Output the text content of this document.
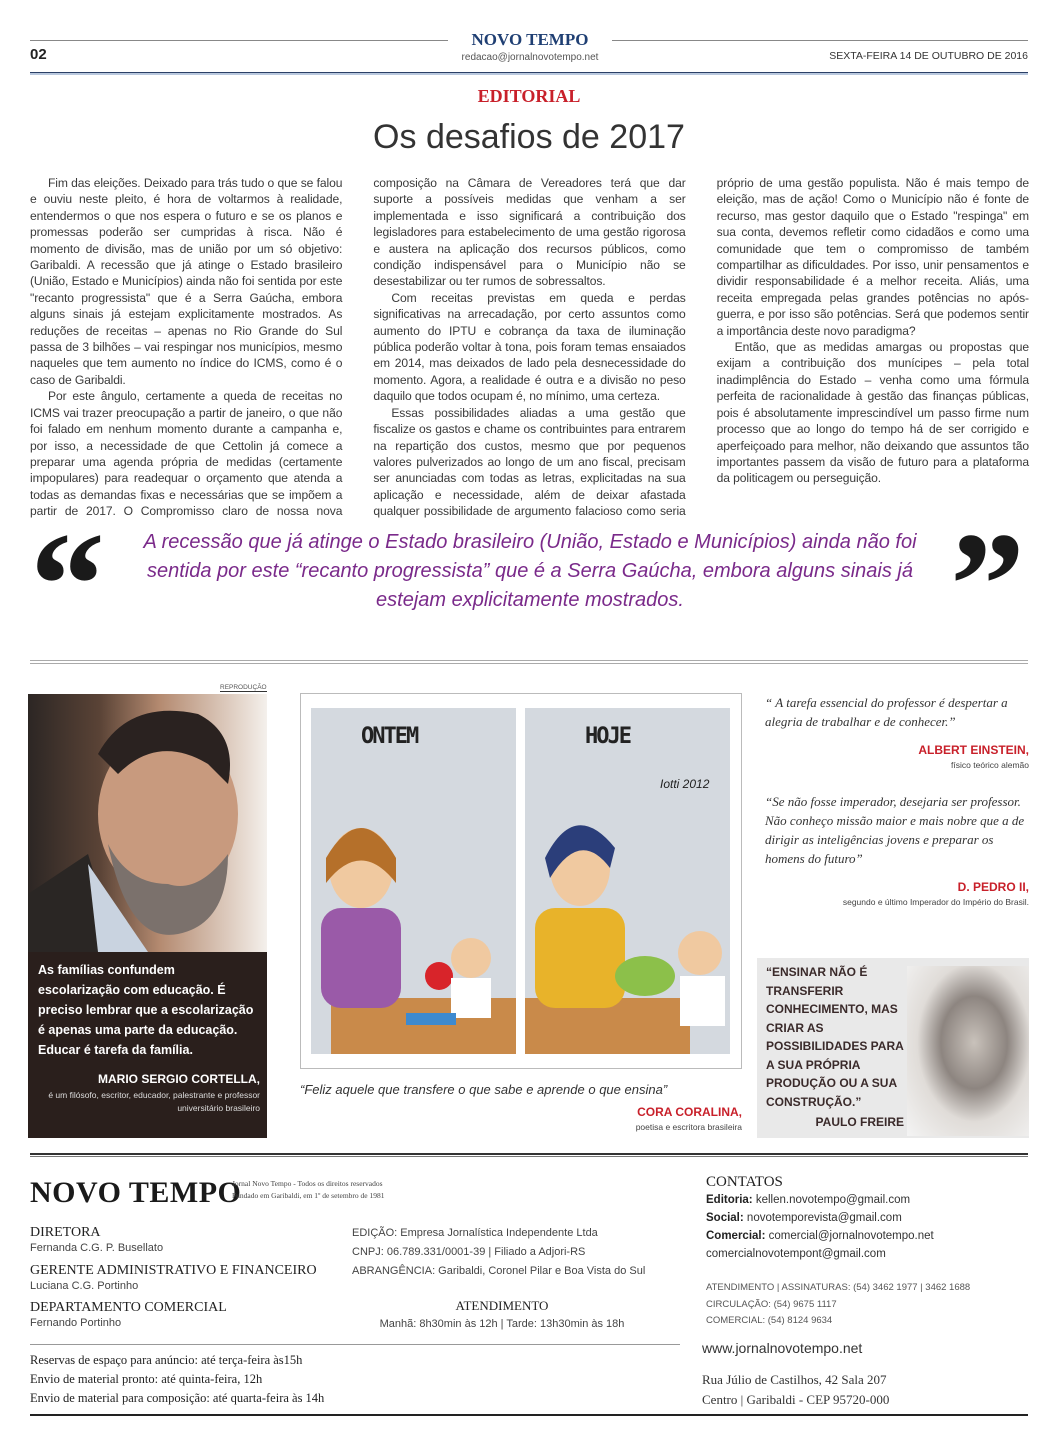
NOVO TEMPO
02	redacao@jornalnovotempo.net	SEXTA-FEIRA 14 DE OUTUBRO DE 2016
EDITORIAL
Os desafios de 2017

Fim das eleições. Deixado para trás tudo o que se falou e ouviu neste pleito, é hora de voltarmos à realidade, entendermos o que nos espera o futuro e se os planos e promessas poderão ser cumpridas à risca. Não é momento de divisão, mas de união por um só objetivo: Garibaldi. A recessão que já atinge o Estado brasileiro (União, Estado e Municípios) ainda não foi sentida por este "recanto progressista" que é a Serra Gaúcha, embora alguns sinais já estejam explicitamente mostrados. As reduções de receitas – apenas no Rio Grande do Sul passa de 3 bilhões – vai respingar nos municípios, mesmo naqueles que tem aumento no índice do ICMS, como é o caso de Garibaldi.

Por este ângulo, certamente a queda de receitas no ICMS vai trazer preocupação a partir de janeiro, o que não foi falado em nenhum momento durante a campanha e, por isso, a necessidade de que Cettolin já comece a preparar uma agenda própria de medidas (certamente impopulares) para readequar o orçamento que atenda a todas as demandas fixas e necessárias que se impõem a partir de 2017. O Compromisso claro de nossa nova composição na Câmara de Vereadores terá que dar suporte a possíveis medidas que venham a ser implementada e isso significará a contribuição dos legisladores para estabelecimento de uma gestão rigorosa e austera na aplicação dos recursos públicos, como condição indispensável para o Município não se desestabilizar ou ter rumos de sobressaltos.

Com receitas previstas em queda e perdas significativas na arrecadação, por certo assuntos como aumento do IPTU e cobrança da taxa de iluminação pública poderão voltar à tona, pois foram temas ensaiados em 2014, mas deixados de lado pela desnecessidade do momento. Agora, a realidade é outra e a divisão no peso daquilo que todos ocupam é, no mínimo, uma certeza.

Essas possibilidades aliadas a uma gestão que fiscalize os gastos e chame os contribuintes para entrarem na repartição dos custos, mesmo que por pequenos valores pulverizados ao longo de um ano fiscal, precisam ser anunciadas com todas as letras, explicitadas na sua aplicação e necessidade, além de deixar afastada qualquer possibilidade de argumento falacioso como seria próprio de uma gestão populista. Não é mais tempo de eleição, mas de ação! Como o Município não é fonte de recurso, mas gestor daquilo que o Estado "respinga" em sua conta, devemos refletir como cidadãos e como uma comunidade que tem o compromisso de também compartilhar as dificuldades. Por isso, unir pensamentos e dividir responsabilidade é a melhor receita. Aliás, uma receita empregada pelas grandes potências no após-guerra, e por isso são potências. Será que podemos sentir a importância deste novo paradigma?

Então, que as medidas amargas ou propostas que exijam a contribuição dos munícipes – pela total inadimplência do Estado – venha como uma fórmula perfeita de racionalidade à gestão das finanças públicas, pois é absolutamente imprescindível um passo firme num processo que ao longo do tempo há de ser corrigido e aperfeiçoado para melhor, não deixando que assuntos tão importantes passem da visão de futuro para a plataforma da politicagem ou perseguição.

“ A recessão que já atinge o Estado brasileiro (União, Estado e Municípios) ainda não foi sentida por este “recanto progressista” que é a Serra Gaúcha, embora alguns sinais já estejam explicitamente mostrados.	”
REPRODUÇÃO
As famílias confundem escolarização com educação. É preciso lembrar que a escolarização é apenas uma parte da educação. Educar é tarefa da família.
MARIO SERGIO CORTELLA,
é um filósofo, escritor, educador, palestrante e professor universitário brasileiro
ONTEM	HOJE
Iotti 2012
“Feliz aquele que transfere o que sabe e aprende o que ensina”
CORA CORALINA,
poetisa e escritora brasileira
“ A tarefa essencial do professor é despertar a alegria de trabalhar e de conhecer.”
ALBERT EINSTEIN,
físico teórico alemão
“Se não fosse imperador, desejaria ser professor. Não conheço missão maior e mais nobre que a de dirigir as inteligências jovens e preparar os homens do futuro”
D. PEDRO II,
segundo e último Imperador do Império do Brasil.
“ENSINAR NÃO É TRANSFERIR CONHECIMENTO, MAS CRIAR AS POSSIBILIDADES PARA A SUA PRÓPRIA PRODUÇÃO OU A SUA CONSTRUÇÃO.”
PAULO FREIRE
NOVO TEMPO
Jornal Novo Tempo - Todos os direitos reservados
Fundado em Garibaldi, em 1º de setembro de 1981
DIRETORA
Fernanda C.G. P. Busellato
GERENTE ADMINISTRATIVO E FINANCEIRO
Luciana C.G. Portinho
DEPARTAMENTO COMERCIAL
Fernando Portinho
EDIÇÃO: Empresa Jornalística Independente Ltda
CNPJ: 06.789.331/0001-39 | Filiado a Adjori-RS
ABRANGÊNCIA: Garibaldi, Coronel Pilar e Boa Vista do Sul
ATENDIMENTO
Manhã: 8h30min às 12h | Tarde: 13h30min às 18h
Reservas de espaço para anúncio: até terça-feira às15h
Envio de material pronto: até quinta-feira, 12h
Envio de material para composição: até quarta-feira às 14h
CONTATOS
Editoria: kellen.novotempo@gmail.com
Social: novotemporevista@gmail.com
Comercial: comercial@jornalnovotempo.net
comercialnovotempont@gmail.com
ATENDIMENTO | ASSINATURAS: (54) 3462 1977 | 3462 1688
CIRCULAÇÃO: (54) 9675 1117
COMERCIAL: (54) 8124 9634
www.jornalnovotempo.net
Rua Júlio de Castilhos, 42 Sala 207
Centro | Garibaldi - CEP 95720-000
